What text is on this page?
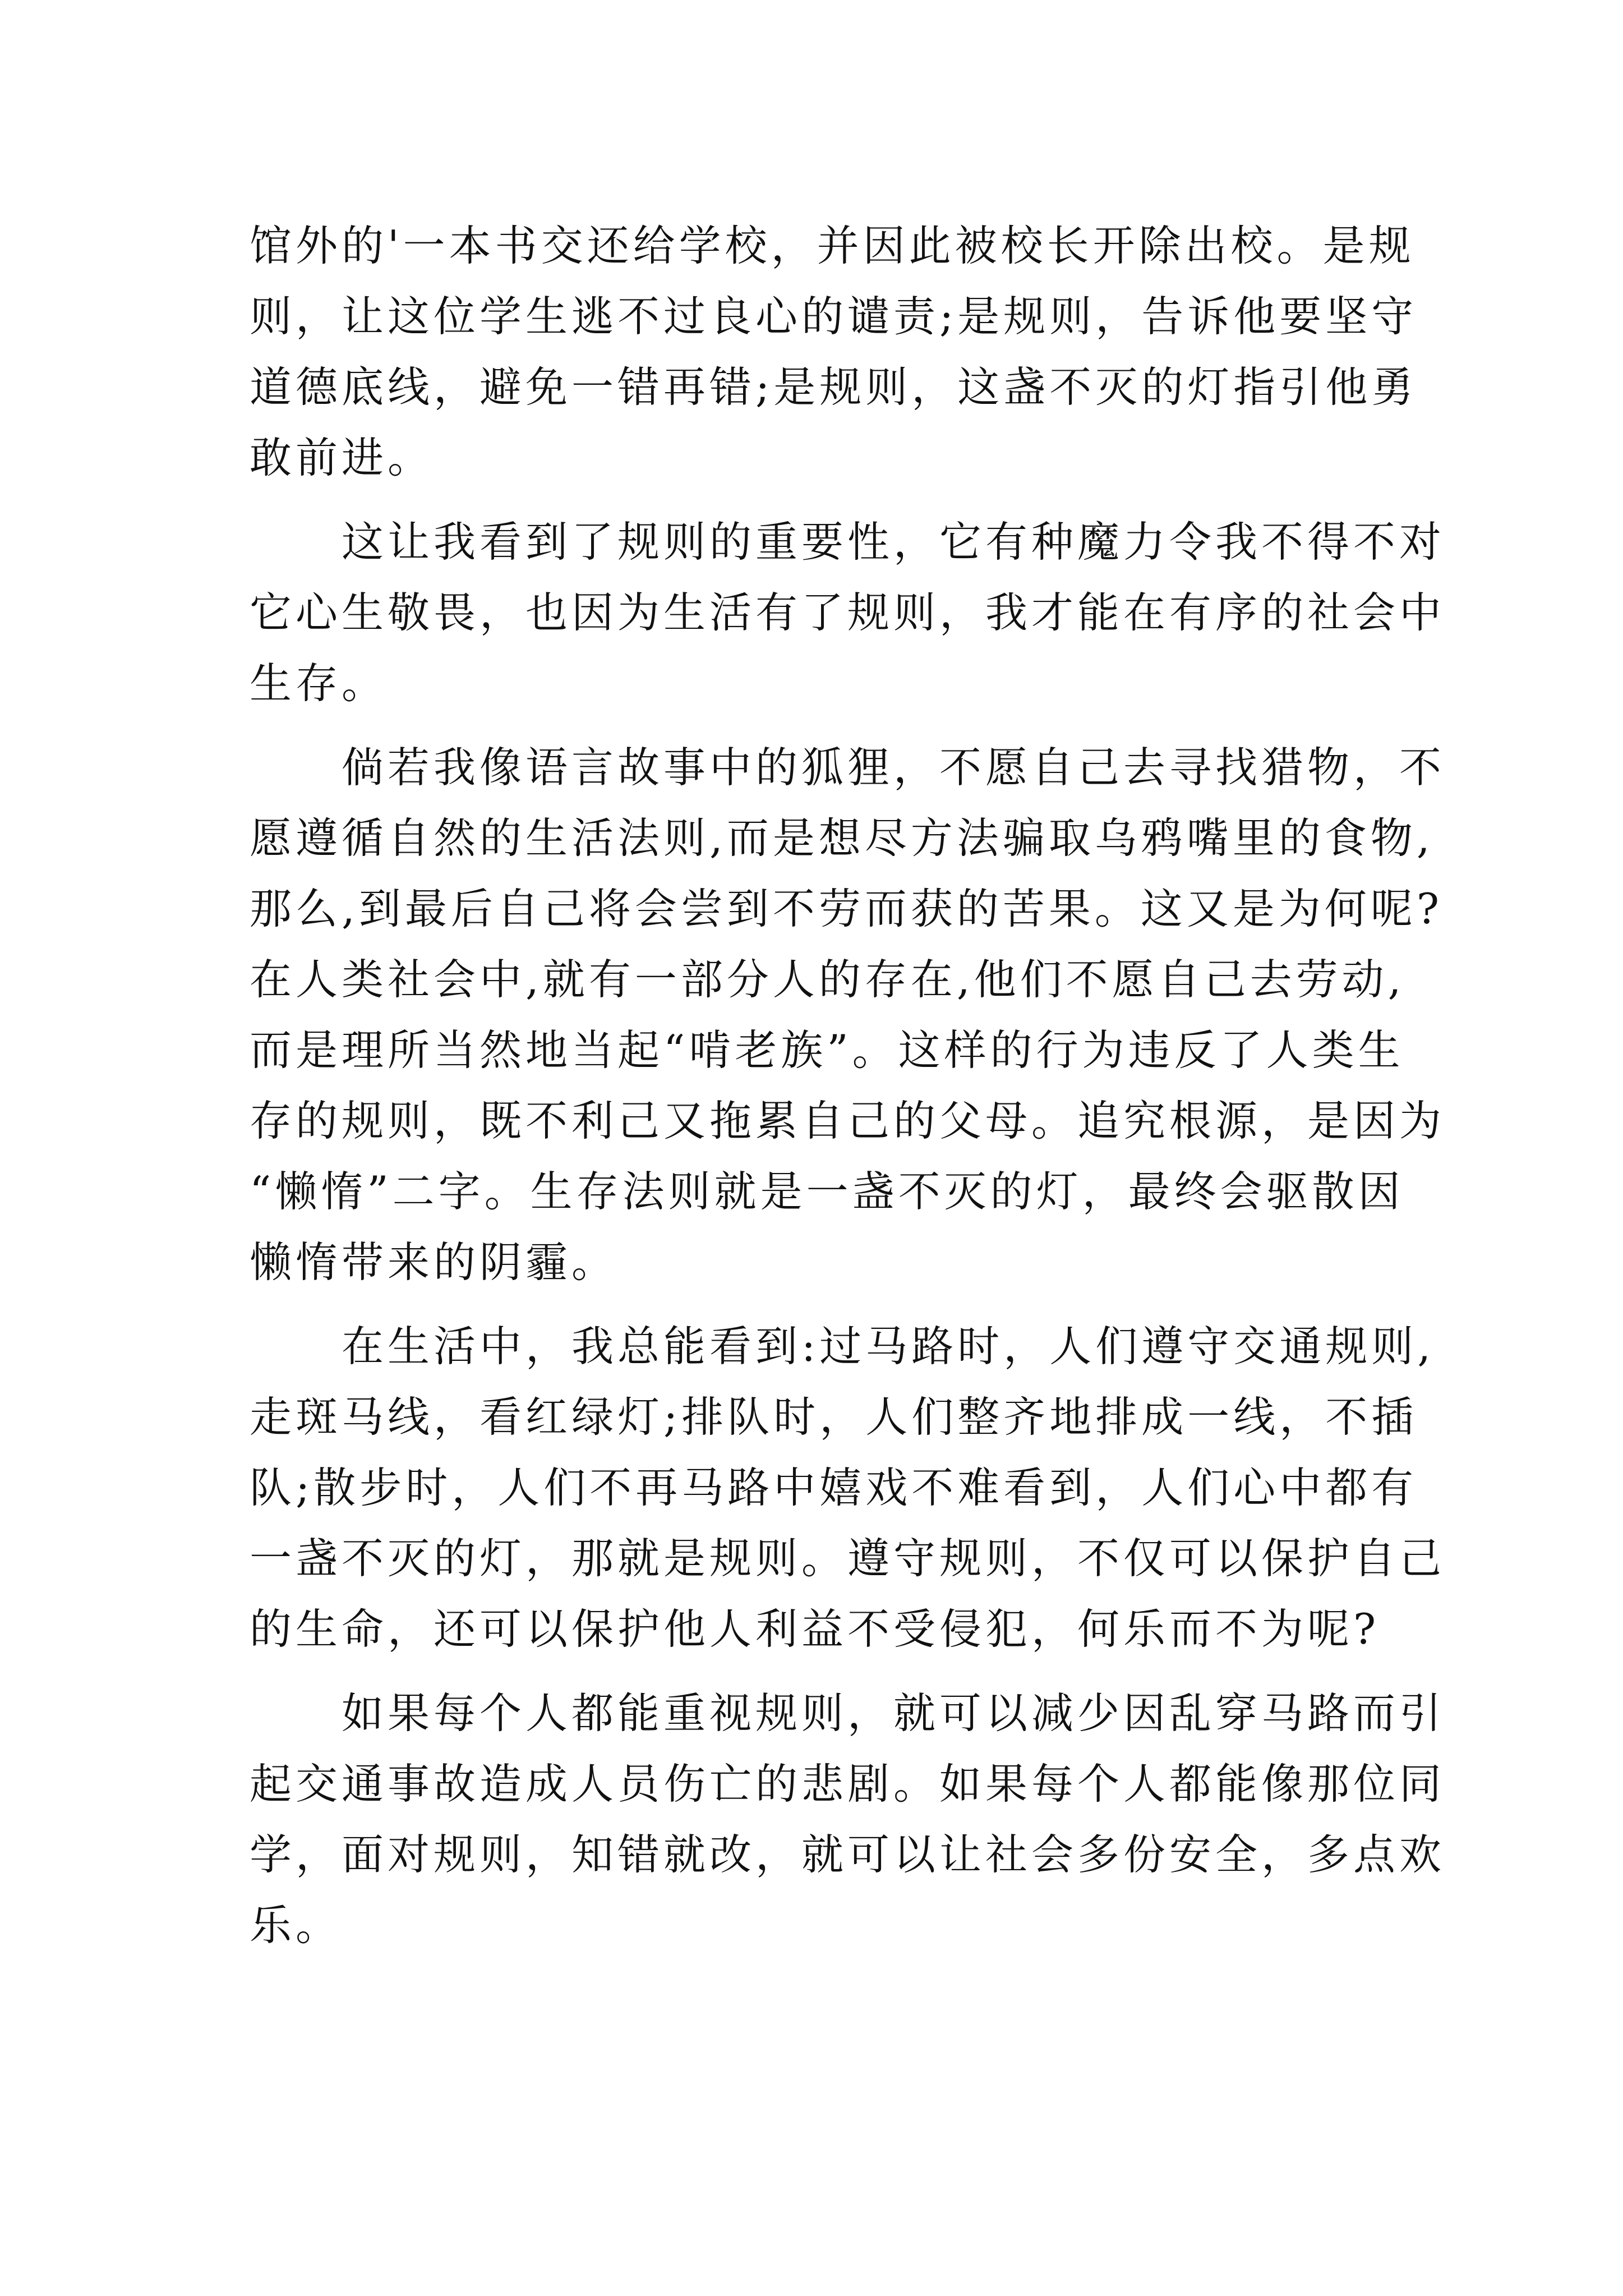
馆外的'一本书交还给学校，并因此被校长开除出校。是规
则，让这位学生逃不过良心的谴责;是规则，告诉他要坚守
道德底线，避免一错再错;是规则，这盏不灭的灯指引他勇
敢前进。
　　这让我看到了规则的重要性，它有种魔力令我不得不对
它心生敬畏，也因为生活有了规则，我才能在有序的社会中
生存。
　　倘若我像语言故事中的狐狸，不愿自己去寻找猎物，不
愿遵循自然的生活法则,而是想尽方法骗取乌鸦嘴里的食物,
那么,到最后自己将会尝到不劳而获的苦果。这又是为何呢?
在人类社会中,就有一部分人的存在,他们不愿自己去劳动,
而是理所当然地当起“啃老族”。这样的行为违反了人类生
存的规则，既不利己又拖累自己的父母。追究根源，是因为
“懒惰”二字。生存法则就是一盏不灭的灯，最终会驱散因
懒惰带来的阴霾。
　　在生活中，我总能看到:过马路时，人们遵守交通规则,
走斑马线，看红绿灯;排队时，人们整齐地排成一线，不插
队;散步时，人们不再马路中嬉戏不难看到，人们心中都有
一盏不灭的灯，那就是规则。遵守规则，不仅可以保护自己
的生命，还可以保护他人利益不受侵犯，何乐而不为呢?
　　如果每个人都能重视规则，就可以减少因乱穿马路而引
起交通事故造成人员伤亡的悲剧。如果每个人都能像那位同
学，面对规则，知错就改，就可以让社会多份安全，多点欢
乐。
